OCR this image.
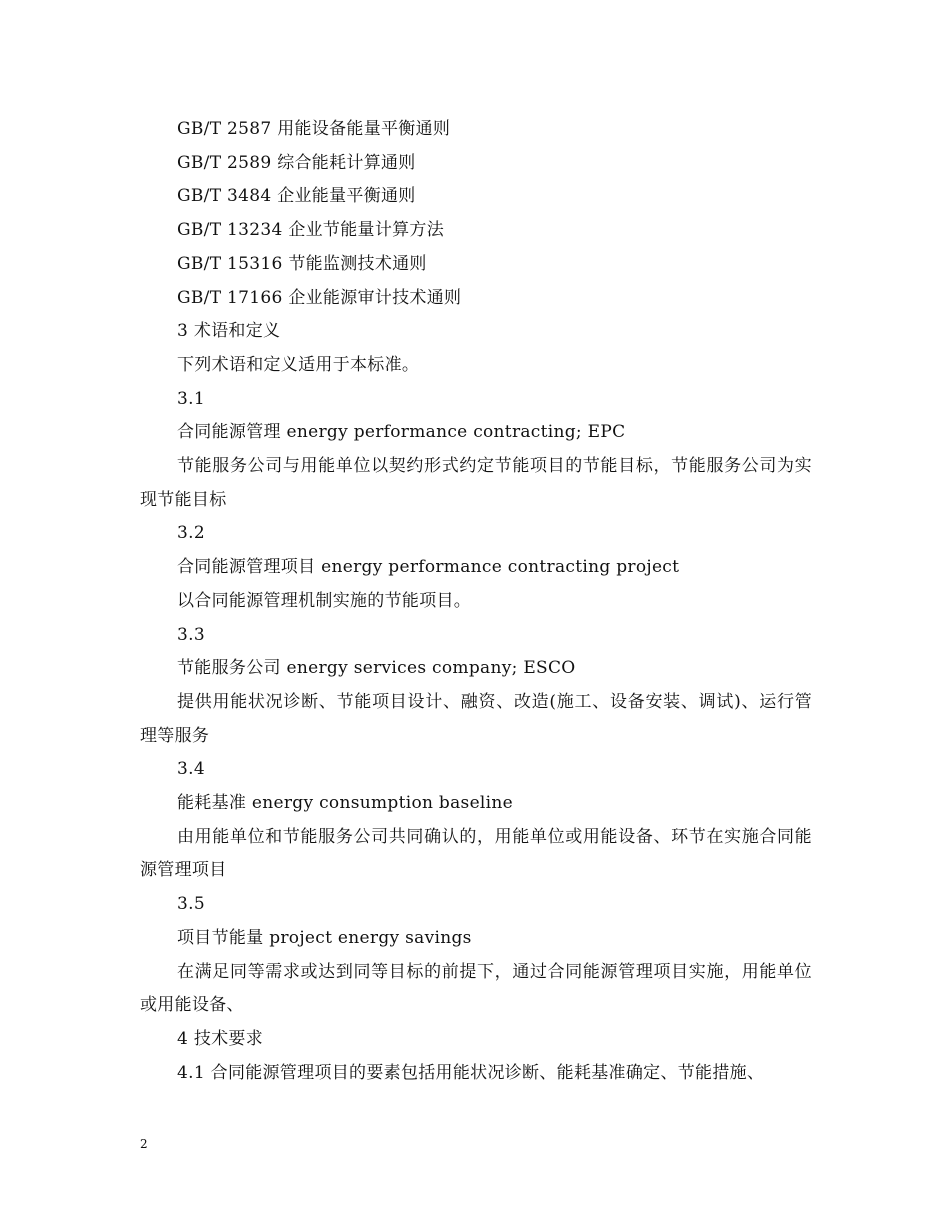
GB/T 2587 用能设备能量平衡通则

GB/T 2589 综合能耗计算通则

GB/T 3484 企业能量平衡通则

GB/T 13234 企业节能量计算方法

GB/T 15316 节能监测技术通则

GB/T 17166 企业能源审计技术通则

3 术语和定义

下列术语和定义适用于本标准。

3.1

合同能源管理 energy performance contracting; EPC

节能服务公司与用能单位以契约形式约定节能项目的节能目标，节能服务公司为实现节能目标

3.2

合同能源管理项目 energy performance contracting project

以合同能源管理机制实施的节能项目。

3.3

节能服务公司 energy services company; ESCO

提供用能状况诊断、节能项目设计、融资、改造(施工、设备安装、调试)、运行管理等服务

3.4

能耗基准 energy consumption baseline

由用能单位和节能服务公司共同确认的，用能单位或用能设备、环节在实施合同能源管理项目

3.5

项目节能量 project energy savings

在满足同等需求或达到同等目标的前提下，通过合同能源管理项目实施，用能单位或用能设备、

4 技术要求

4.1 合同能源管理项目的要素包括用能状况诊断、能耗基准确定、节能措施、

2
